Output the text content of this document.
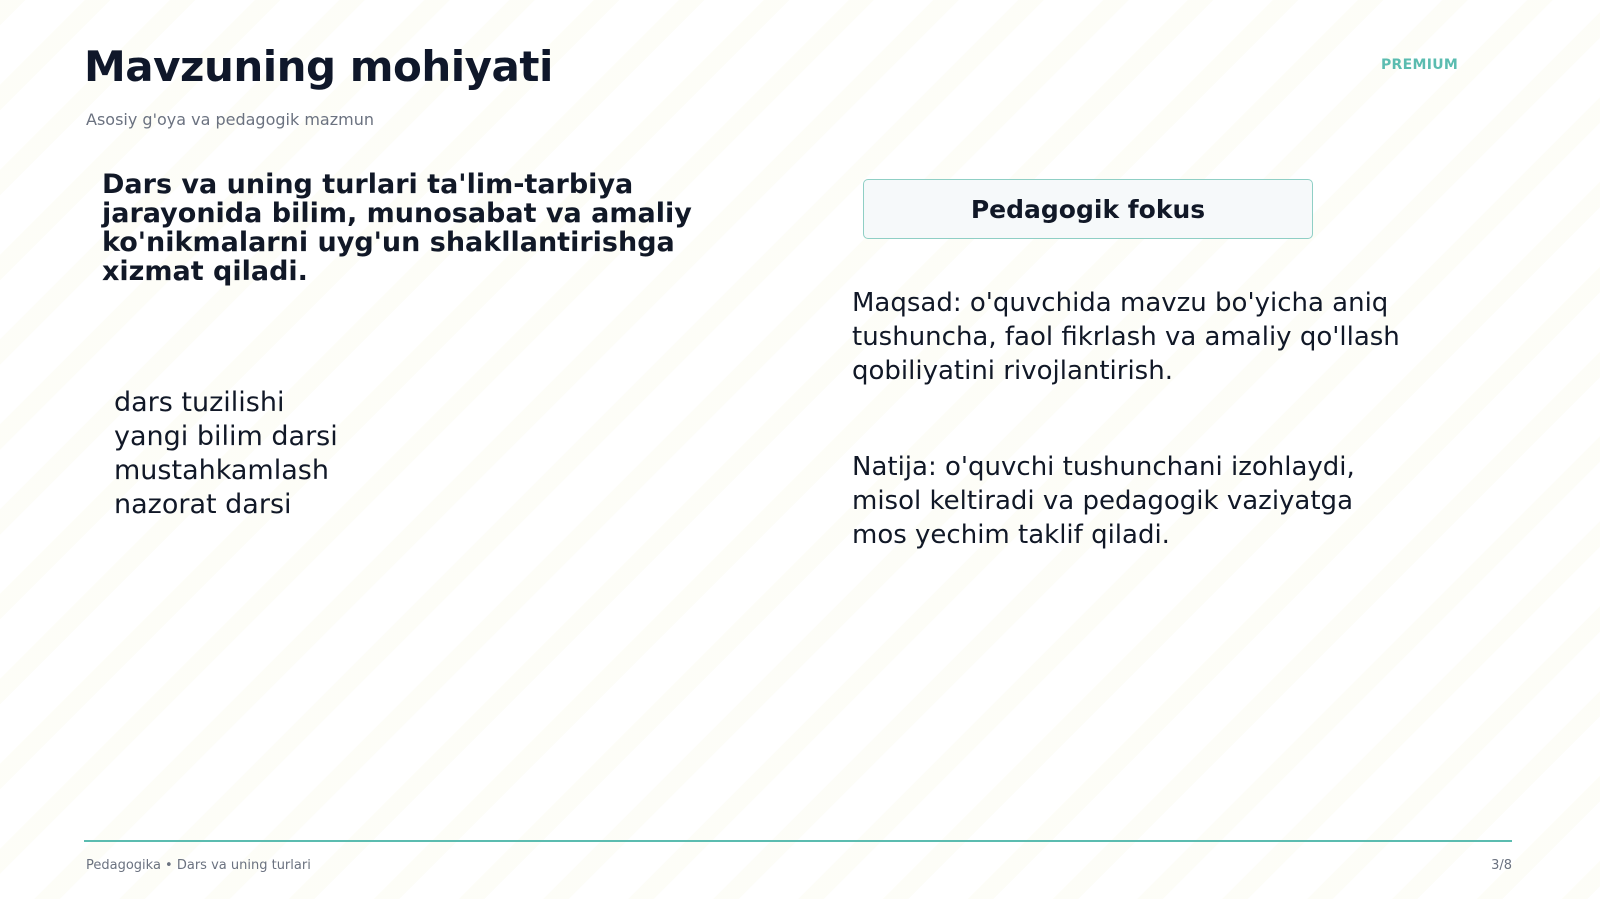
Mavzuning mohiyati
Asosiy g'oya va pedagogik mazmun
PREMIUM
Dars va uning turlari ta'lim-tarbiya jarayonida bilim, munosabat va amaliy ko'nikmalarni uyg'un shakllantirishga xizmat qiladi.
dars tuzilishi
yangi bilim darsi
mustahkamlash
nazorat darsi
Pedagogik fokus
Maqsad: o'quvchida mavzu bo'yicha aniq tushuncha, faol fikrlash va amaliy qo'llash qobiliyatini rivojlantirish.
Natija: o'quvchi tushunchani izohlaydi, misol keltiradi va pedagogik vaziyatga mos yechim taklif qiladi.
Pedagogika • Dars va uning turlari	3/8
